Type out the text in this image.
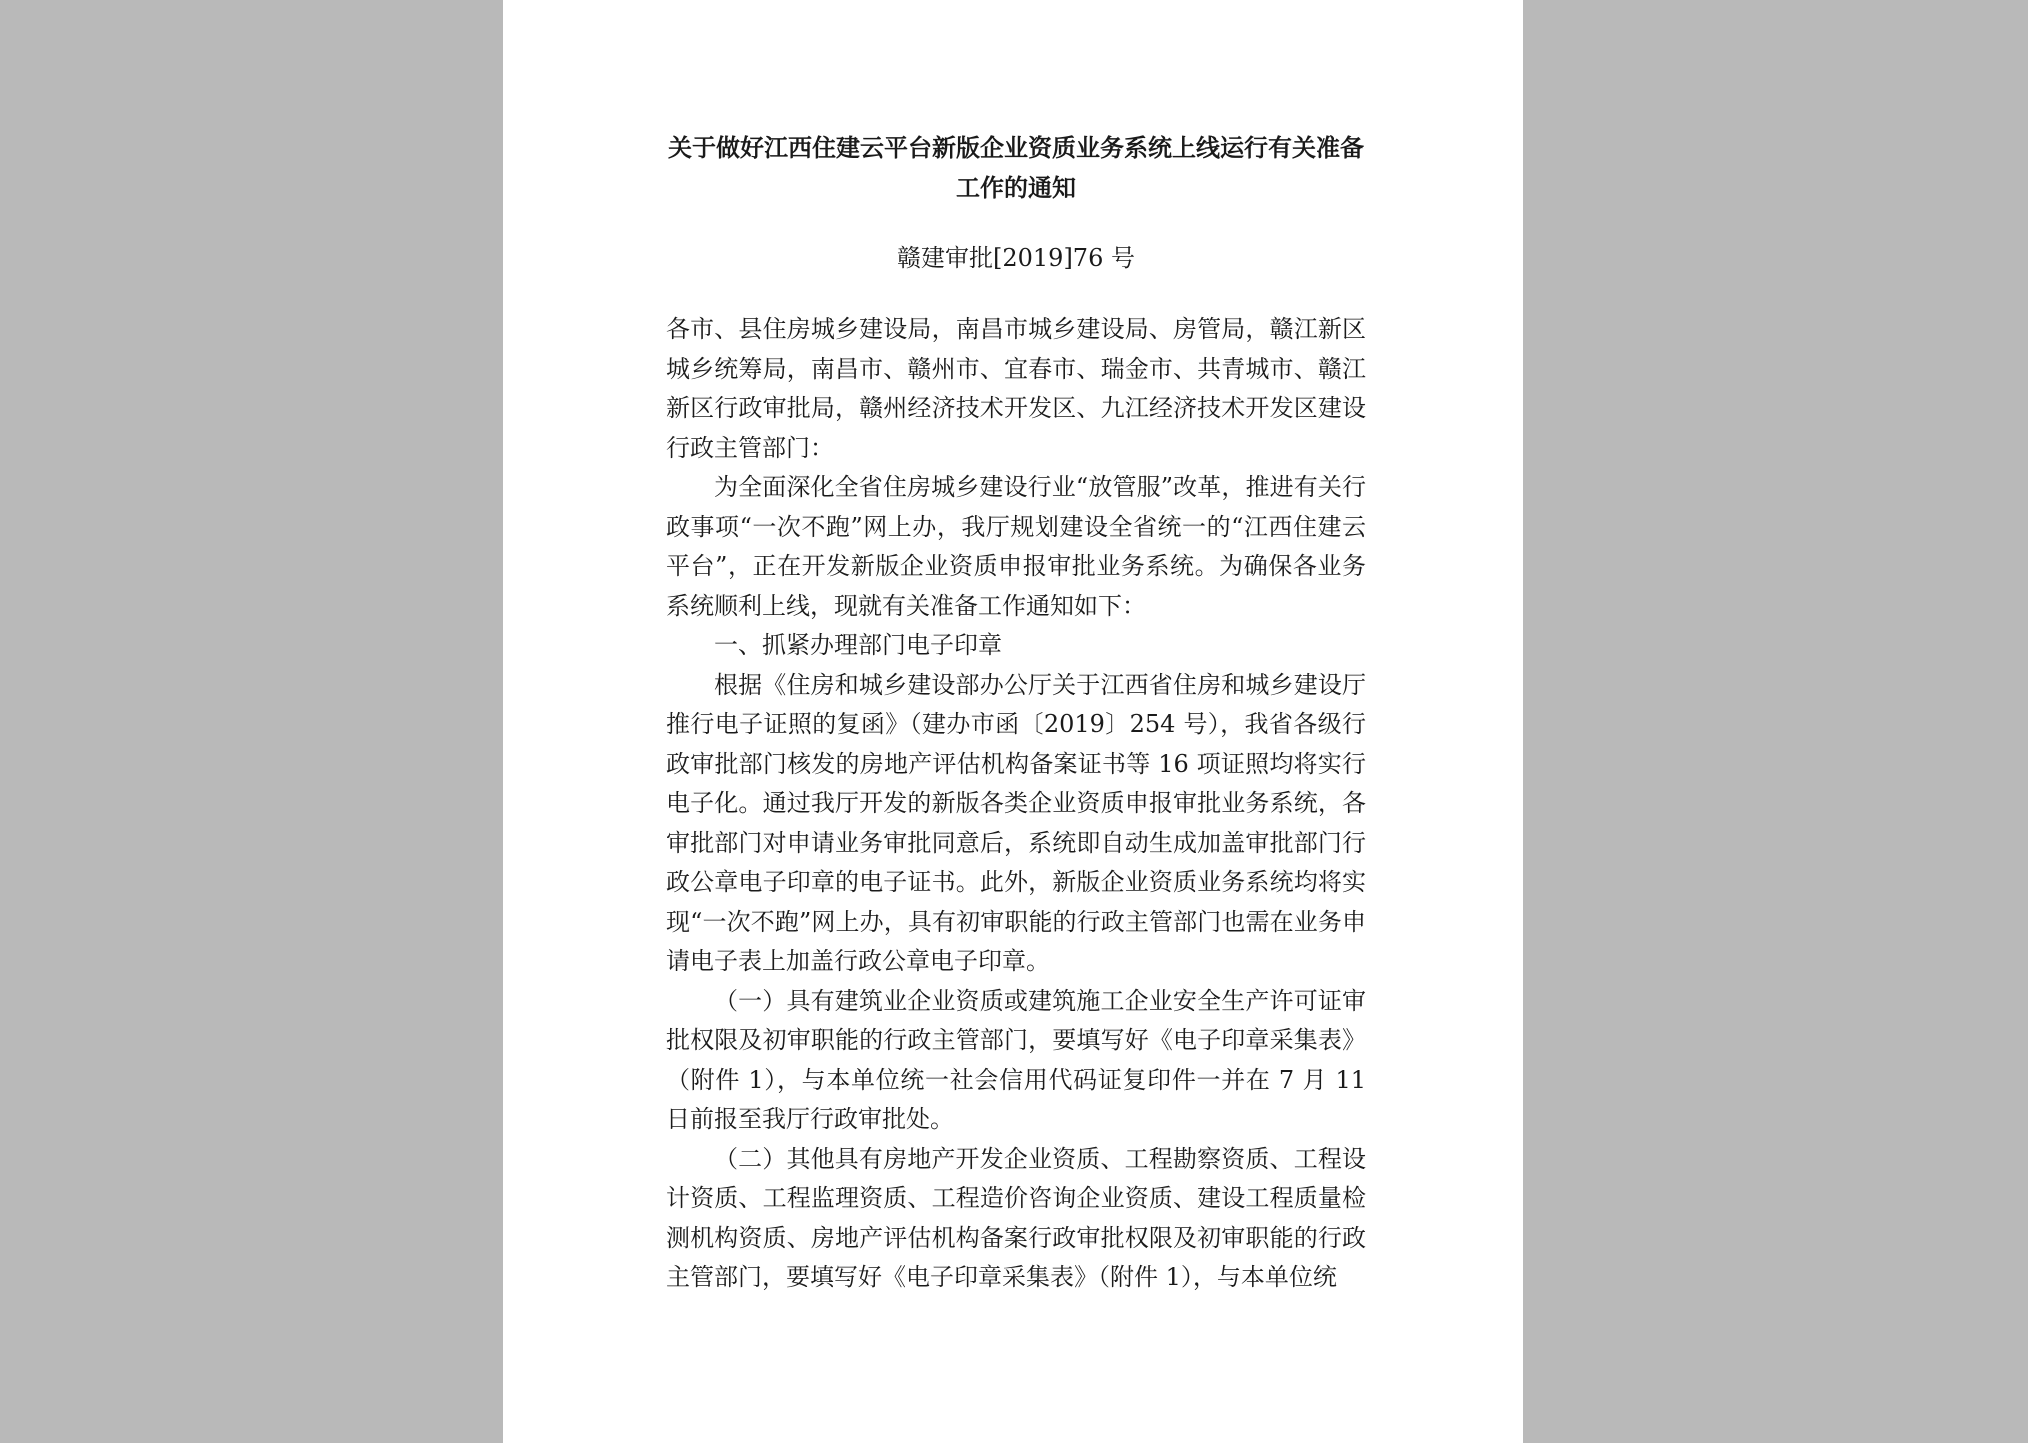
关于做好江西住建云平台新版企业资质业务系统上线运行有关准备工作的通知

赣建审批[2019]76 号

各市、县住房城乡建设局，南昌市城乡建设局、房管局，赣江新区城乡统筹局，南昌市、赣州市、宜春市、瑞金市、共青城市、赣江新区行政审批局，赣州经济技术开发区、九江经济技术开发区建设行政主管部门：

为全面深化全省住房城乡建设行业“放管服”改革，推进有关行政事项“一次不跑”网上办，我厅规划建设全省统一的“江西住建云平台”，正在开发新版企业资质申报审批业务系统。为确保各业务系统顺利上线，现就有关准备工作通知如下：

一、抓紧办理部门电子印章

根据《住房和城乡建设部办公厅关于江西省住房和城乡建设厅推行电子证照的复函》（建办市函〔2019〕254 号），我省各级行政审批部门核发的房地产评估机构备案证书等 16 项证照均将实行电子化。通过我厅开发的新版各类企业资质申报审批业务系统，各审批部门对申请业务审批同意后，系统即自动生成加盖审批部门行政公章电子印章的电子证书。此外，新版企业资质业务系统均将实现“一次不跑”网上办，具有初审职能的行政主管部门也需在业务申请电子表上加盖行政公章电子印章。

（一）具有建筑业企业资质或建筑施工企业安全生产许可证审批权限及初审职能的行政主管部门，要填写好《电子印章采集表》（附件 1），与本单位统一社会信用代码证复印件一并在 7 月 11日前报至我厅行政审批处。

（二）其他具有房地产开发企业资质、工程勘察资质、工程设计资质、工程监理资质、工程造价咨询企业资质、建设工程质量检测机构资质、房地产评估机构备案行政审批权限及初审职能的行政主管部门，要填写好《电子印章采集表》（附件 1），与本单位统
